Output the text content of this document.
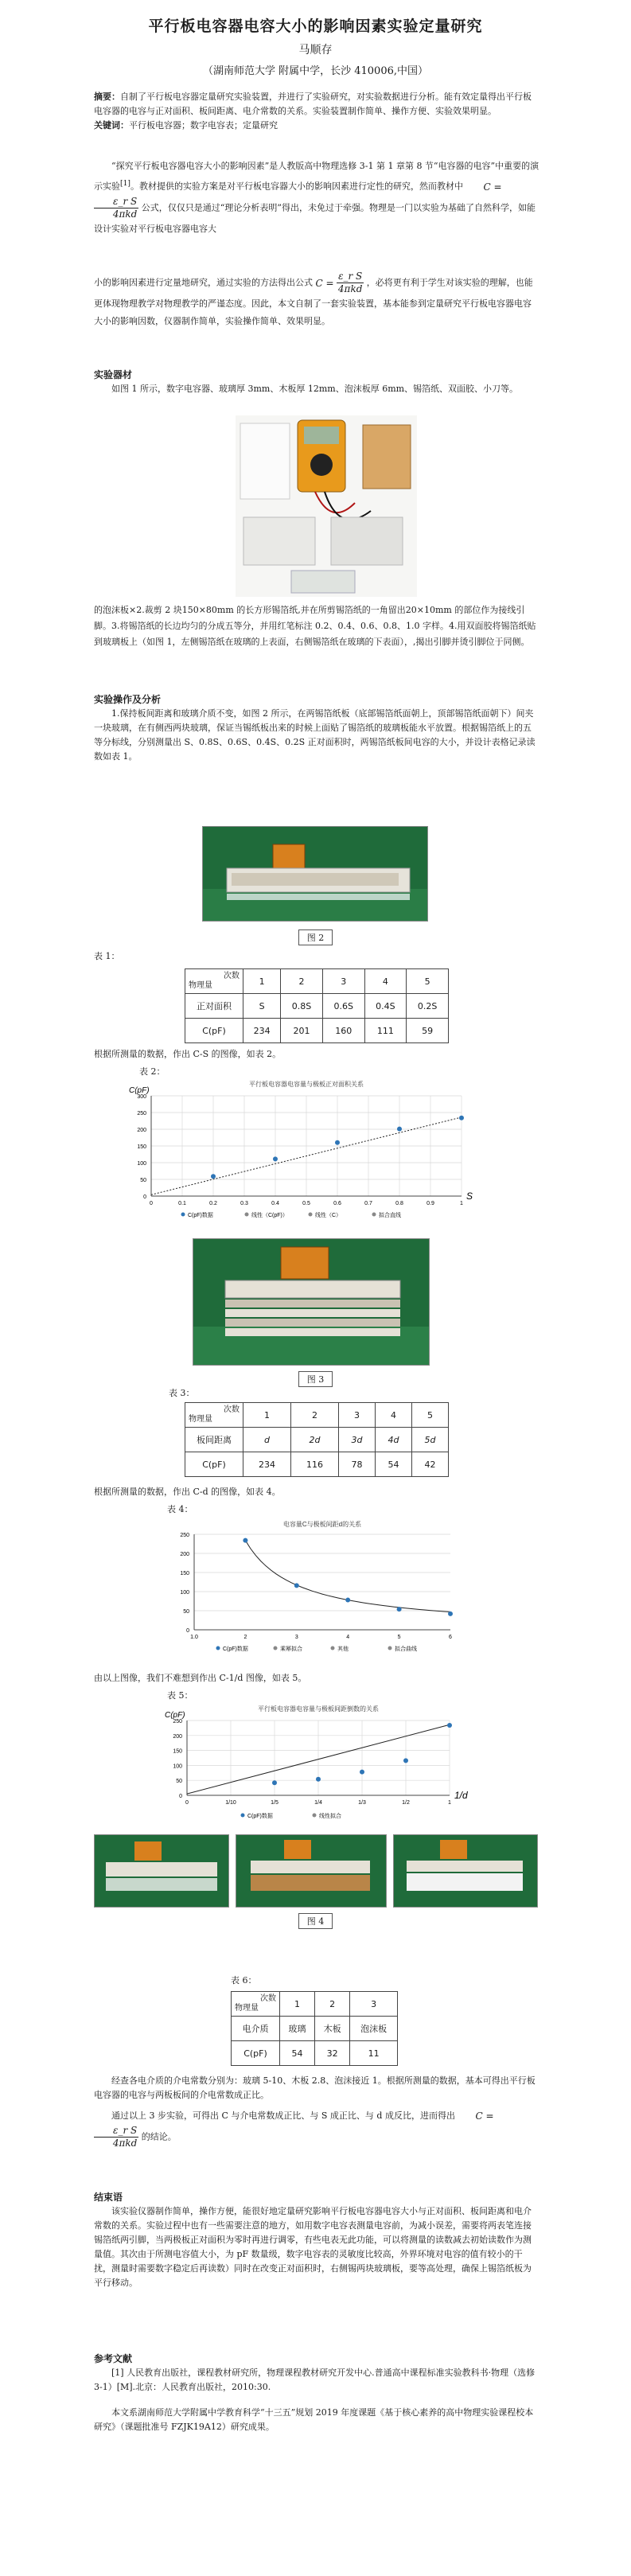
平行板电容器电容大小的影响因素实验定量研究
马顺存
（湖南师范大学 附属中学，长沙 410006,中国）
摘要：自制了平行板电容器定量研究实验装置，并进行了实验研究，对实验数据进行分析。能有效定量得出平行板电容器的电容与正对面积、板间距离、电介常数的关系。实验装置制作简单、操作方便、实验效果明显。
关键词：平行板电容器；数字电容表；定量研究
“探究平行板电容器电容大小的影响因素”是人教版高中物理选修 3-1 第 1 章第 8 节“电容器的电容”中重要的演示实验[1]。教材提供的实验方案是对平行板电容器大小的影响因素进行定性的研究，然而教材中 C =
$\frac{\text{ε\_r S}}{\text{4πkd}}$ 公式，仅仅只是通过“理论分析表明”得出，未免过于牵强。物理是一门以实验为基础了自然科学，如能设计实验对平行板电容器电容大
小的影响因素进行定量地研究，通过实验的方法得出公式 $C = \frac{\text{ε\_r S}}{\text{4πkd}}$ ，必将更有利于学生对该实验的理解，也能更体现物理教学对物理教学的严谨态度。因此，本文自制了一套实验装置，基本能参到定量研究平行板电容器电容大小的影响因数，仪器制作简单，实验操作简单、效果明显。
实验器材
如图 1 所示，数字电容器、玻璃厚 3mm、木板厚 12mm、泡沫板厚 6mm、锡箔纸、双面胶、小刀等。
的泡沫板×2.裁剪 2 块150×80mm 的长方形锡箔纸,并在所剪锡箔纸的一角留出20×10mm 的部位作为接线引脚。3.将锡箔纸的长边均匀的分成五等分，并用红笔标注 0.2、0.4、0.6、0.8、1.0 字样。4.用双面胶将锡箔纸贴到玻璃板上（如图 1，左侧锡箔纸在玻璃的上表面，右侧锡箔纸在玻璃的下表面），,揭出引脚并烫引脚位于同侧。
实验操作及分析
1.保持板间距离和玻璃介质不变，如图 2 所示，在两锡箔纸板（底部锡箔纸面朝上，顶部锡箔纸面朝下）间夹一块玻璃，在有侧西两块玻璃，保证当锡纸板出来的时候上面贴了锡箔纸的玻璃板能水平放置。根据锡箔纸上的五等分标线，分别测量出 S、0.8S、0.6S、0.4S、0.2S 正对面积时，两锡箔纸板间电容的大小，并设计表格记录读数如表 1。
图 2
表 1：
次数
物理量	1	2	3	4	5
正对面积	S	0.8S	0.6S	0.4S	0.2S
C(pF)	234	201	160	111	59
根据所测量的数据，作出 C-S 的图像，如表 2。
表 2：
平行板电容器电容量与极板正对面积关系
C(pF)
0
50
100
150
200
250
300
0	0.1	0.2	0.3	0.4	0.5	0.6	0.7	0.8	0.9	1
S
C(pF)数据	线性（C(pF)）	线性（C）	拟合直线
图 3
表 3：
次数
物理量	1	2	3	4	5
板间距离	d	2d	3d	4d	5d
C(pF)	234	116	78	54	42
根据所测量的数据，作出 C-d 的图像，如表 4。
表 4：
电容量C与极板间距d的关系
0
50
100
150
200
250
1.0	2	3	4	5	6
C(pF)数据	乘幂拟合	其他	拟合曲线
由以上图像，我们不难想到作出 C-1/d 图像，如表 5。
表 5：
平行板电容器电容量与极板间距倒数的关系
C(pF)
0
50
100
150
200
250
0	1/10	1/5	1/4	1/3	1/2	1
1/d
C(pF)数据	线性拟合
图 4
表 6：
次数
物理量	1	2	3
电介质	玻璃	木板	泡沫板
C(pF)	54	32	11
经查各电介质的介电常数分别为：玻璃 5-10、木板 2.8、泡沫接近 1。根据所测量的数据，基本可得出平行板电容器的电容与两板板间的介电常数成正比。
通过以上 3 步实验，可得出 C 与介电常数成正比、与 S 成正比、与 d 成反比，进而得出 C =
$\frac{\text{ε\_r S}}{\text{4πkd}}$ 的结论。
结束语
该实验仪器制作简单，操作方便，能很好地定量研究影响平行板电容器电容大小与正对面积、板间距离和电介常数的关系。实验过程中也有一些需要注意的地方，如用数字电容表测量电容前，为减小误差，需要将两表笔连接锡箔纸两引脚，当两极板正对面积为零时再进行调零，有些电表无此功能，可以将测量的读数减去初始读数作为测量值。其次由于所测电容值大小，为 pF 数量级，数字电容表的灵敏度比较高，外界环境对电容的值有较小的干扰，测量时需要数字稳定后再读数）同时在改变正对面积时，右侧锡两块玻璃板，要等高处理，确保上锡箔纸板为平行移动。
参考文献
[1] 人民教育出版社，课程教材研究所，物理课程教材研究开发中心.普通高中课程标准实验教科书·物理（选修 3-1）[M].北京：人民教育出版社，2010:30.
本文系湖南师范大学附属中学教育科学“十三五”规划 2019 年度课题《基于核心素养的高中物理实验课程校本研究》（课题批准号 FZJK19A12）研究成果。
